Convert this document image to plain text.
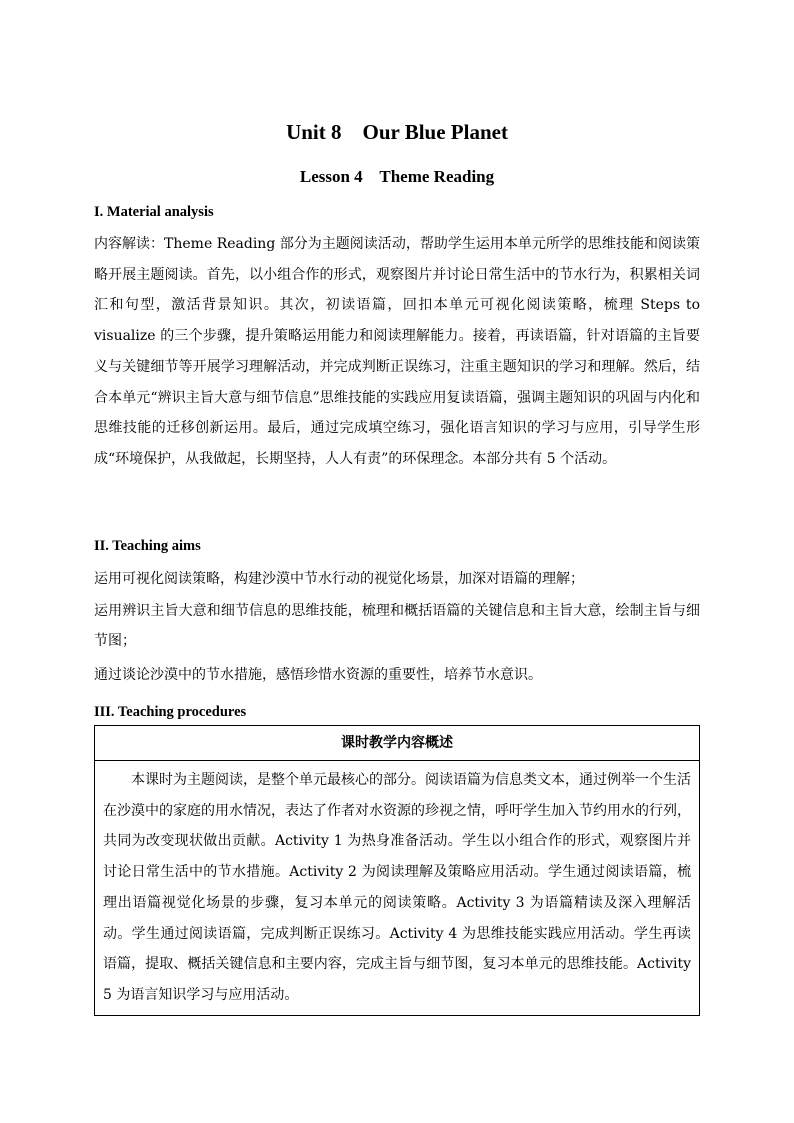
Unit 8    Our Blue Planet
Lesson 4    Theme Reading
I. Material analysis
内容解读：Theme Reading 部分为主题阅读活动，帮助学生运用本单元所学的思维技能和阅读策略开展主题阅读。首先，以小组合作的形式，观察图片并讨论日常生活中的节水行为，积累相关词汇和句型，激活背景知识。其次，初读语篇，回扣本单元可视化阅读策略，梳理 Steps to visualize 的三个步骤，提升策略运用能力和阅读理解能力。接着，再读语篇，针对语篇的主旨要义与关键细节等开展学习理解活动，并完成判断正误练习，注重主题知识的学习和理解。然后，结合本单元“辨识主旨大意与细节信息”思维技能的实践应用复读语篇，强调主题知识的巩固与内化和思维技能的迁移创新运用。最后，通过完成填空练习，强化语言知识的学习与应用，引导学生形成“环境保护，从我做起，长期坚持，人人有责”的环保理念。本部分共有 5 个活动。
II. Teaching aims
运用可视化阅读策略，构建沙漠中节水行动的视觉化场景，加深对语篇的理解；
运用辨识主旨大意和细节信息的思维技能，梳理和概括语篇的关键信息和主旨大意，绘制主旨与细节图；
通过谈论沙漠中的节水措施，感悟珍惜水资源的重要性，培养节水意识。
III. Teaching procedures
课时教学内容概述
本课时为主题阅读，是整个单元最核心的部分。阅读语篇为信息类文本，通过例举一个生活在沙漠中的家庭的用水情况，表达了作者对水资源的珍视之情，呼吁学生加入节约用水的行列，共同为改变现状做出贡献。Activity 1 为热身准备活动。学生以小组合作的形式，观察图片并讨论日常生活中的节水措施。Activity 2 为阅读理解及策略应用活动。学生通过阅读语篇，梳理出语篇视觉化场景的步骤，复习本单元的阅读策略。Activity 3 为语篇精读及深入理解活动。学生通过阅读语篇，完成判断正误练习。Activity 4 为思维技能实践应用活动。学生再读语篇，提取、概括关键信息和主要内容，完成主旨与细节图，复习本单元的思维技能。Activity 5 为语言知识学习与应用活动。
